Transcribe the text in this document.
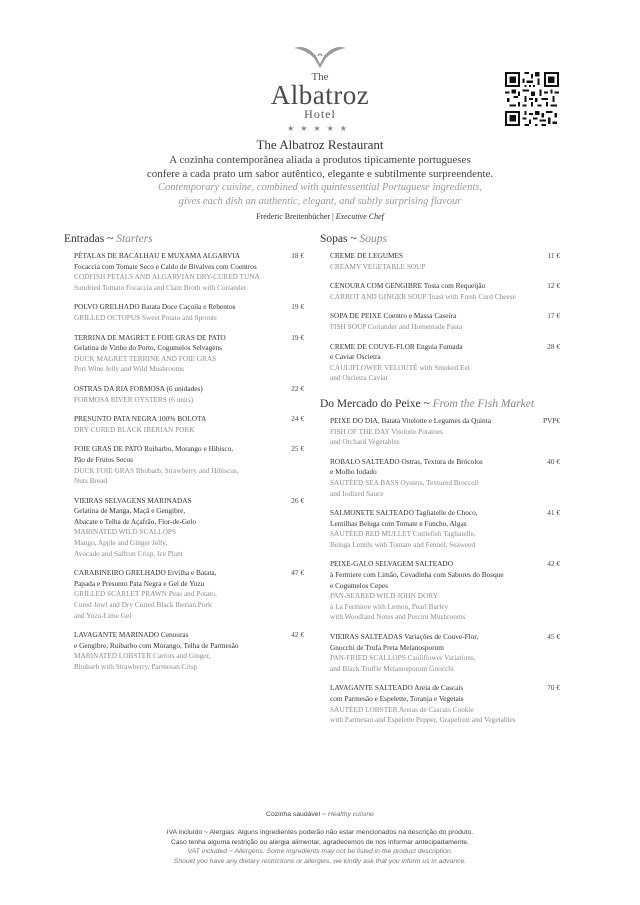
The
Albatroz
Hotel
★★★★★
The Albatroz Restaurant
A cozinha contemporânea aliada a produtos tipicamente portugueses
confere a cada prato um sabor autêntico, elegante e subtilmente surpreendente.
Contemporary cuisine, combined with quintessential Portuguese ingredients,
gives each dish an authentic, elegant, and subtly surprising flavour
Frederic Breitenbücher | Executive Chef
Entradas ~ Starters
18 €
PÉTALAS DE BACALHAU E MUXAMA ALGARVIA
Focaccia com Tomate Seco e Caldo de Bivalves com Coentros
CODFISH PETALS AND ALGARVIAN DRY-CURED TUNA
Sundried Tomato Focaccia and Clam Broth with Coriander
19 €
POLVO GRELHADO Batata Doce Caçoila e Rebentos
GRILLED OCTOPUS Sweet Potato and Sprouts
19 €
TERRINA DE MAGRET E FOIE GRAS DE PATO
Gelatina de Vinho do Porto, Cogumelos Selvagens
DUCK MAGRET TERRINE AND FOIE GRAS
Port Wine Jelly and Wild Mushrooms
22 €
OSTRAS DA RIA FORMOSA (6 unidades)
FORMOSA RIVER OYSTERS (6 units)
24 €
PRESUNTO PATA NEGRA 100% BOLOTA
DRY CURED BLACK IBERIAN PORK
25 €
FOIE GRAS DE PATO Ruibarbo, Morango e Hibisco,
Pão de Frutos Secos
DUCK FOIE GRAS Rhubarb, Strawberry and Hibiscus,
Nuts Bread
26 €
VIEIRAS SELVAGENS MARINADAS
Gelatina de Manga, Maçã e Gengibre,
Abacate e Telha de Açafrão, Flor-de-Gelo
MARINATED WILD SCALLOPS
Mango, Apple and Ginger Jelly,
Avocado and Saffron Crisp, Ice Plant
47 €
CARABINEIRO GRELHADO Ervilha e Batata,
Papada e Presunto Pata Negra e Gel de Yuzu
GRILLED SCARLET PRAWN Peas and Potato,
Cured Jowl and Dry Curted Black Iberian Pork
and Yuzu-Lime Gel
42 €
LAVAGANTE MARINADO Cenouras
e Gengibre, Ruibarbo com Morango, Telha de Parmesão
MARINATED LOBSTER Carrots and Ginger,
Rhubarb with Strawberry, Parmesan Crisp
Sopas ~ Soups
11 €
CREME DE LEGUMES
CREAMY VEGETABLE SOUP
12 €
CENOURA COM GENGIBRE Tosta com Requeijão
CARROT AND GINGER SOUP Toast with Fresh Curd Cheese
17 €
SOPA DE PEIXE Coentro e Massa Caseira
FISH SOUP Coriander and Homemade Pasta
28 €
CREME DE COUVE-FLOR Enguia Fumada
e Caviar Oscietra
CAULIFLOWER VELOUTÉ with Smoked Eel
and Oscietra Caviar
Do Mercado do Peixe ~ From the Fish Market
PVP€
PEIXE DO DIA, Batata Vitelotte e Legumes da Quinta
FISH OF THE DAY Vitelotte Potatoes
and Orchard Vegetables
40 €
ROBALO SALTEADO Ostras, Textura de Brócolos
e Molho Iodado
SAUTÉED SEA BASS Oysters, Textured Broccoli
and Iodized Sauce
41 €
SALMONETE SALTEADO Tagliatelle de Choco,
Lentilhas Beluga com Tomate e Funcho, Algas
SAUTÉED RED MULLET Cuttlefish Tagliatelle,
Beluga Lentils with Tomato and Fennel, Seaweed
42 €
PEIXE-GALO SELVAGEM SALTEADO
à Fermiere com Limão, Cevadinha com Sabores do Bosque
e Cogumelos Cepes
PAN-SEARED WILD JOHN DORY
à La Fermiere with Lemon, Pearl Barley
with Woodland Notes and Porcini Mushrooms
45 €
VIEIRAS SALTEADAS Variações de Couve-Flor,
Gnocchi de Trufa Preta Melanosporum
PAN-FRIED SCALLOPS Cauliflower Variations,
and Black Truffle Melanosporum Gnocchi
70 €
LAVAGANTE SALTEADO Areia de Cascais
com Parmesão e Espelette, Toranja e Vegetais
SAUTÉED LOBSTER Areias de Cascais Cookie
with Parmesan and Espelette Pepper, Grapefruit and Vegetables
Cozinha saudável ~ Healthy cuisine
IVA incluído ~ Alergias: Alguns ingredientes poderão não estar mencionados na descrição do produto.
Caso tenha alguma restrição ou alergia alimentar, agradecemos de nos informar antecipadamente.
VAT included ~ Allergens: Some ingredients may not be listed in the product description.
Should you have any dietary restrictions or allergies, we kindly ask that you inform us in advance.
